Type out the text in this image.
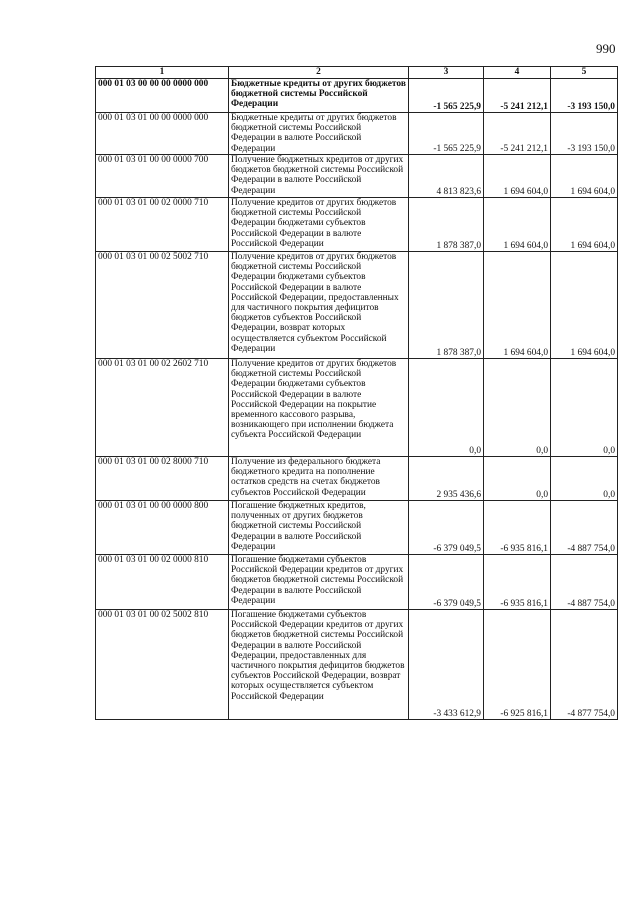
990
1	2	3	4	5
000 01 03 00 00 00 0000 000	Бюджетные кредиты от других бюджетов бюджетной системы Российской Федерации	-1 565 225,9	-5 241 212,1	-3 193 150,0
000 01 03 01 00 00 0000 000	Бюджетные кредиты от других бюджетов бюджетной системы Российской Федерации в валюте Российской Федерации	-1 565 225,9	-5 241 212,1	-3 193 150,0
000 01 03 01 00 00 0000 700	Получение бюджетных кредитов от других бюджетов бюджетной системы Российской Федерации в валюте Российской Федерации	4 813 823,6	1 694 604,0	1 694 604,0
000 01 03 01 00 02 0000 710	Получение кредитов от других бюджетов бюджетной системы Российской Федерации бюджетами субъектов Российской Федерации в валюте Российской Федерации	1 878 387,0	1 694 604,0	1 694 604,0
000 01 03 01 00 02 5002 710	Получение кредитов от других бюджетов бюджетной системы Российской Федерации бюджетами субъектов Российской Федерации в валюте Российской Федерации, предоставленных для частичного покрытия дефицитов бюджетов субъектов Российской Федерации, возврат которых осуществляется субъектом Российской Федерации	1 878 387,0	1 694 604,0	1 694 604,0
000 01 03 01 00 02 2602 710	Получение кредитов от других бюджетов бюджетной системы Российской Федерации бюджетами субъектов Российской Федерации в валюте Российской Федерации на покрытие временного кассового разрыва, возникающего при исполнении бюджета субъекта Российской Федерации	0,0	0,0	0,0
000 01 03 01 00 02 8000 710	Получение из федерального бюджета бюджетного кредита на пополнение остатков средств на счетах бюджетов субъектов Российской Федерации	2 935 436,6	0,0	0,0
000 01 03 01 00 00 0000 800	Погашение бюджетных кредитов, полученных от других бюджетов бюджетной системы Российской Федерации в валюте Российской Федерации	-6 379 049,5	-6 935 816,1	-4 887 754,0
000 01 03 01 00 02 0000 810	Погашение бюджетами субъектов Российской Федерации кредитов от других бюджетов бюджетной системы Российской Федерации в валюте Российской Федерации	-6 379 049,5	-6 935 816,1	-4 887 754,0
000 01 03 01 00 02 5002 810	Погашение бюджетами субъектов Российской Федерации кредитов от других бюджетов бюджетной системы Российской Федерации в валюте Российской Федерации, предоставленных для частичного покрытия дефицитов бюджетов субъектов Российской Федерации, возврат которых осуществляется субъектом Российской Федерации	-3 433 612,9	-6 925 816,1	-4 877 754,0
